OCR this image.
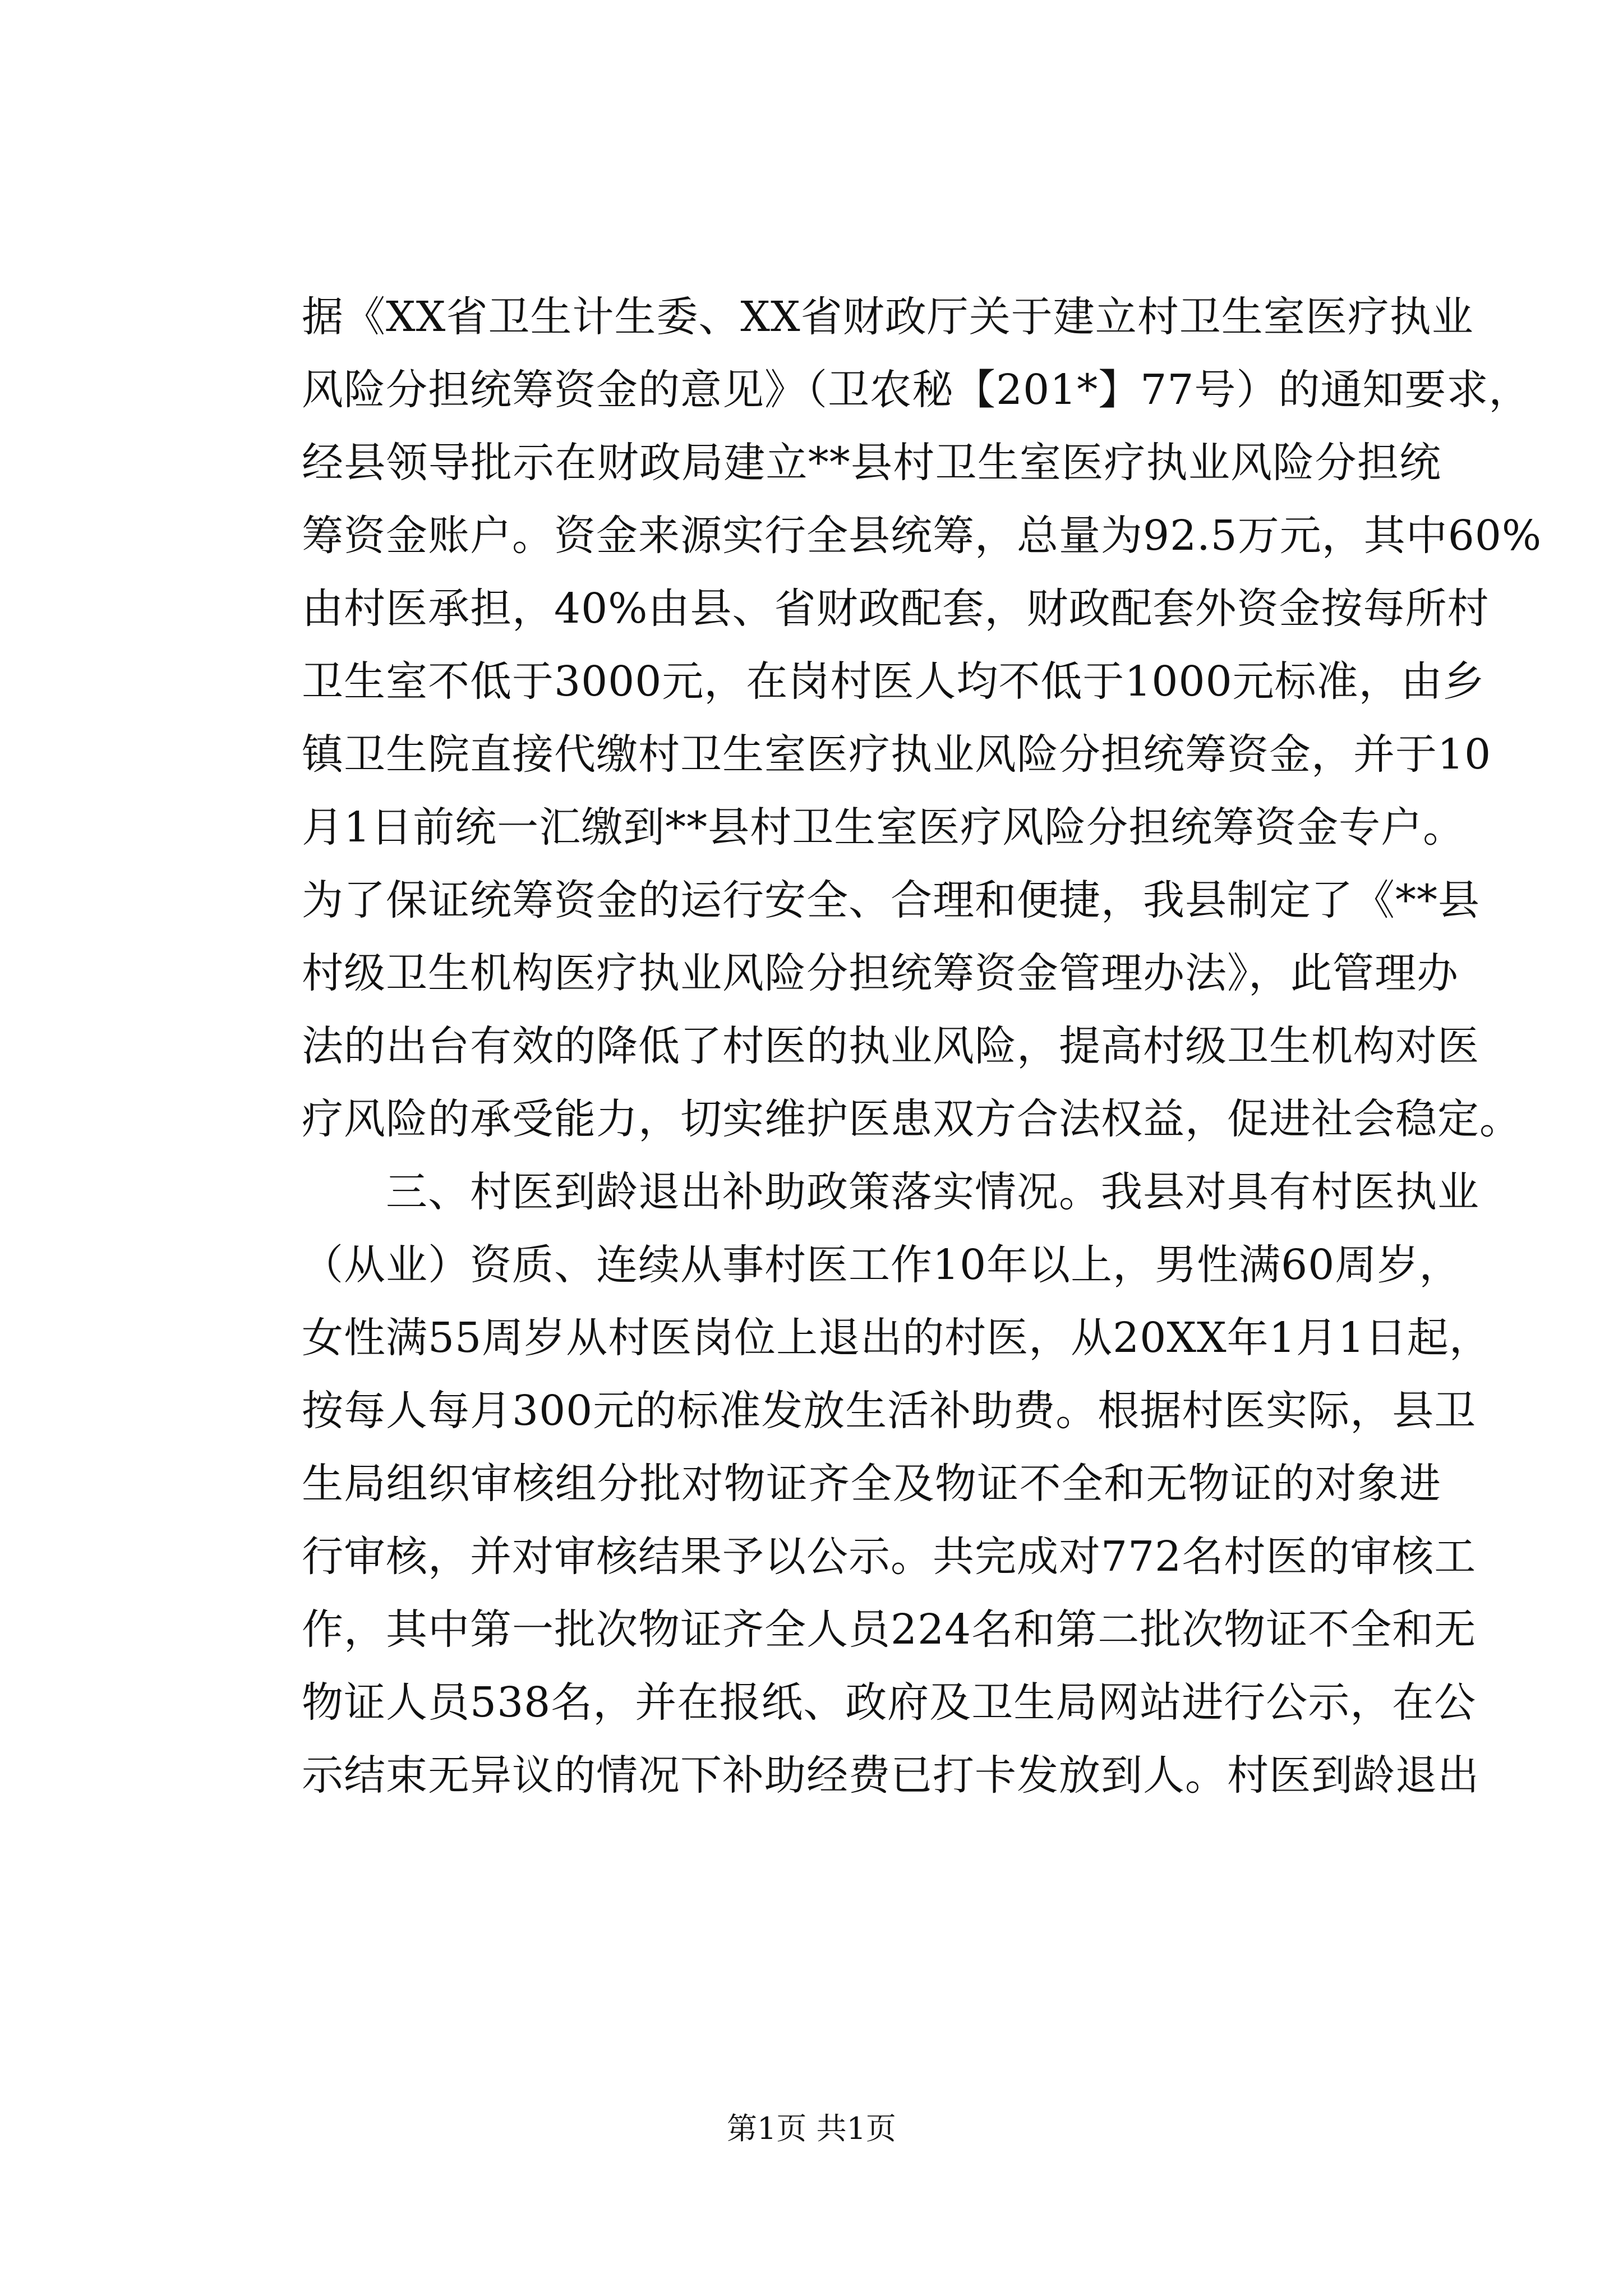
据《XX省卫生计生委、XX省财政厅关于建立村卫生室医疗执业
风险分担统筹资金的意见》（卫农秘【201*】77号）的通知要求，
经县领导批示在财政局建立**县村卫生室医疗执业风险分担统
筹资金账户。资金来源实行全县统筹，总量为92.5万元，其中60%
由村医承担，40%由县、省财政配套，财政配套外资金按每所村
卫生室不低于3000元，在岗村医人均不低于1000元标准，由乡
镇卫生院直接代缴村卫生室医疗执业风险分担统筹资金，并于10
月1日前统一汇缴到**县村卫生室医疗风险分担统筹资金专户。
为了保证统筹资金的运行安全、合理和便捷，我县制定了《**县
村级卫生机构医疗执业风险分担统筹资金管理办法》，此管理办
法的出台有效的降低了村医的执业风险，提高村级卫生机构对医
疗风险的承受能力，切实维护医患双方合法权益，促进社会稳定。
三、村医到龄退出补助政策落实情况。我县对具有村医执业
（从业）资质、连续从事村医工作10年以上，男性满60周岁，
女性满55周岁从村医岗位上退出的村医，从20XX年1月1日起，
按每人每月300元的标准发放生活补助费。根据村医实际，县卫
生局组织审核组分批对物证齐全及物证不全和无物证的对象进
行审核，并对审核结果予以公示。共完成对772名村医的审核工
作，其中第一批次物证齐全人员224名和第二批次物证不全和无
物证人员538名，并在报纸、政府及卫生局网站进行公示，在公
示结束无异议的情况下补助经费已打卡发放到人。村医到龄退出
第1页 共1页
